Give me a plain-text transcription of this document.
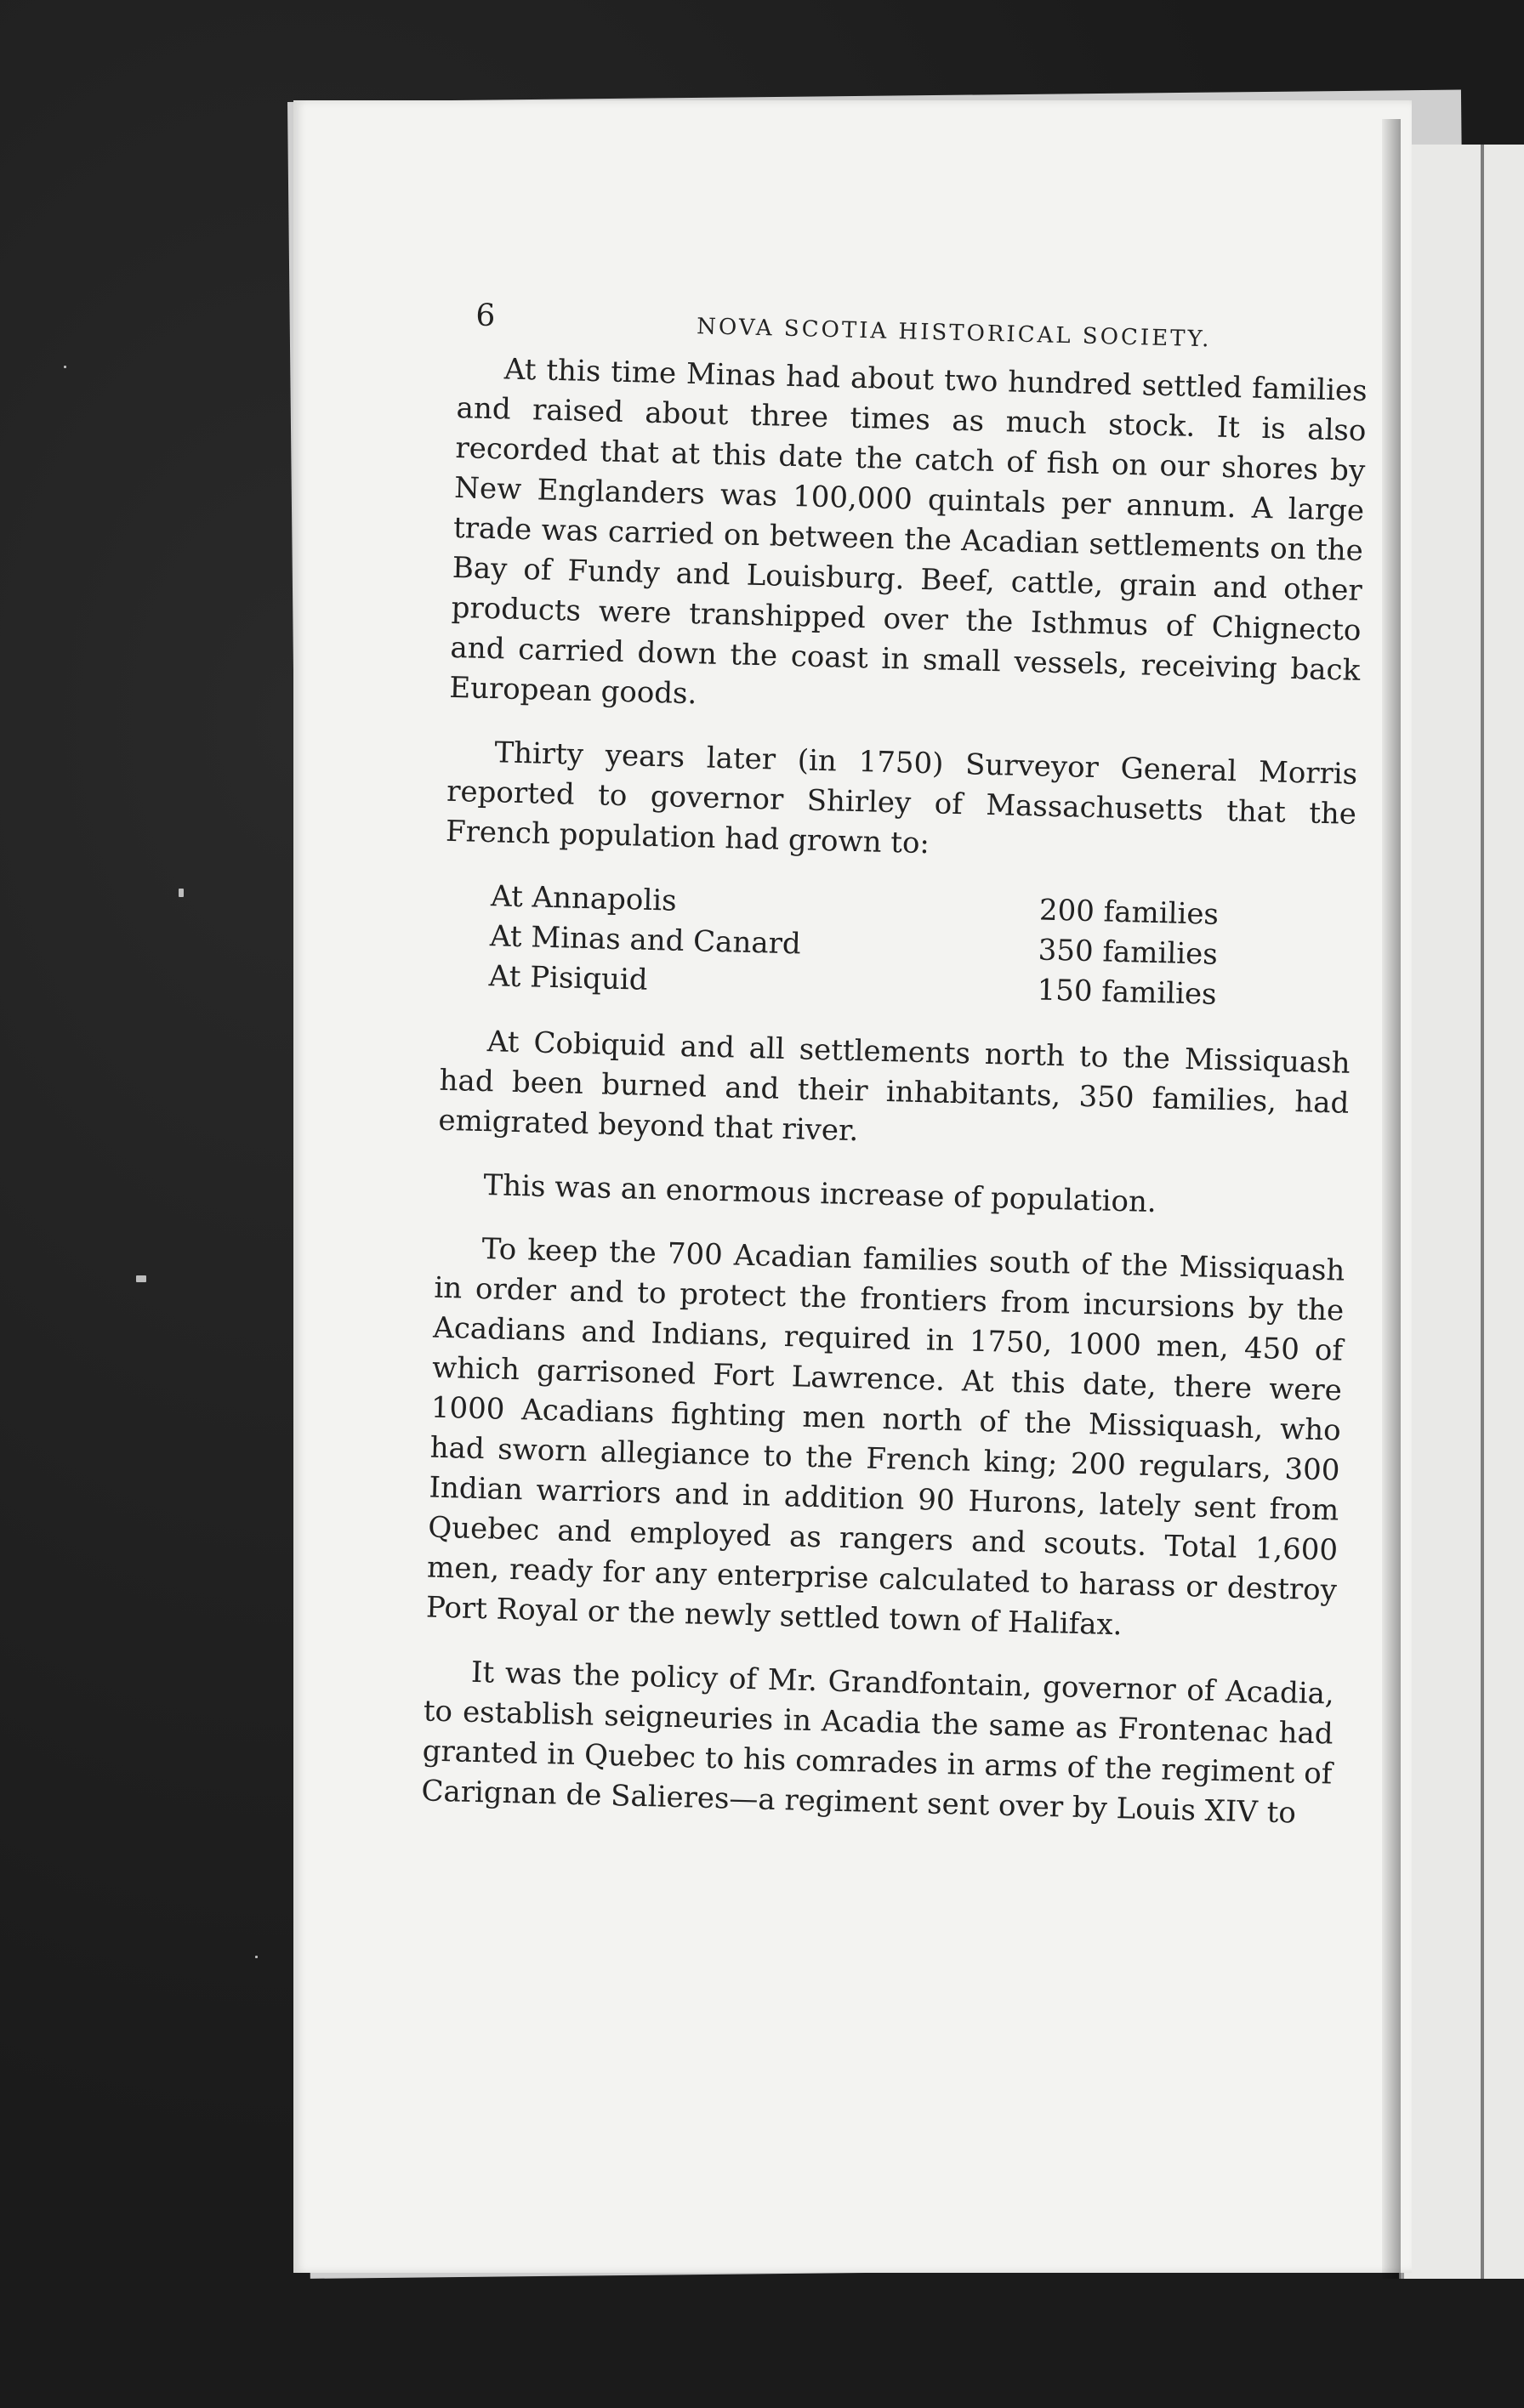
6	NOVA SCOTIA HISTORICAL SOCIETY.

At this time Minas had about two hundred settled families and raised about three times as much stock. It is also recorded that at this date the catch of fish on our shores by New Englanders was 100,000 quintals per annum. A large trade was carried on between the Acadian settlements on the Bay of Fundy and Louisburg. Beef, cattle, grain and other products were transhipped over the Isthmus of Chignecto and carried down the coast in small vessels, receiving back European goods.

Thirty years later (in 1750) Surveyor General Morris reported to governor Shirley of Massachusetts that the French population had grown to:

At Annapolis	200 families
At Minas and Canard	350 families
At Pisiquid	150 families

At Cobiquid and all settlements north to the Missiquash had been burned and their inhabitants, 350 families, had emigrated beyond that river.

This was an enormous increase of population.

To keep the 700 Acadian families south of the Missiquash in order and to protect the frontiers from incursions by the Acadians and Indians, required in 1750, 1000 men, 450 of which garrisoned Fort Lawrence. At this date, there were 1000 Acadians fighting men north of the Missiquash, who had sworn allegiance to the French king; 200 regulars, 300 Indian warriors and in addition 90 Hurons, lately sent from Quebec and employed as rangers and scouts. Total 1,600 men, ready for any enterprise calculated to harass or destroy Port Royal or the newly settled town of Halifax.

It was the policy of Mr. Grandfontain, governor of Acadia, to establish seigneuries in Acadia the same as Frontenac had granted in Quebec to his comrades in arms of the regiment of Carignan de Salieres—a regiment sent over by Louis XIV to
